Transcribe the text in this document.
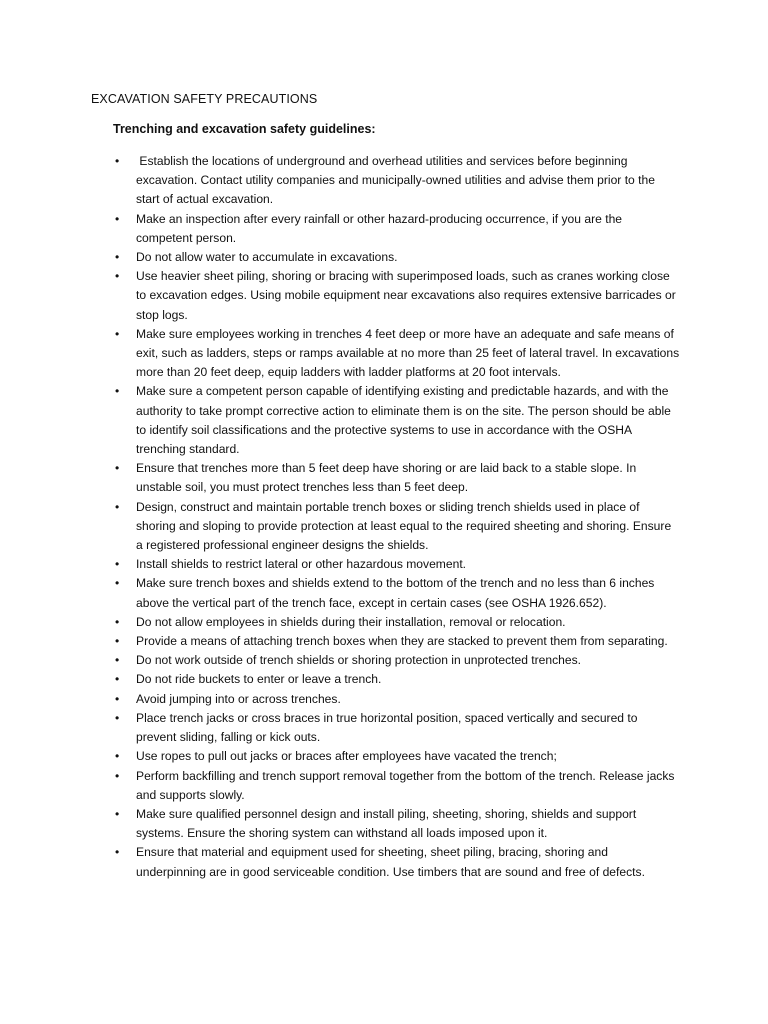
EXCAVATION SAFETY PRECAUTIONS
Trenching and excavation safety guidelines:
• Establish the locations of underground and overhead utilities and services before beginning excavation. Contact utility companies and municipally-owned utilities and advise them prior to the start of actual excavation.
• Make an inspection after every rainfall or other hazard-producing occurrence, if you are the competent person.
• Do not allow water to accumulate in excavations.
• Use heavier sheet piling, shoring or bracing with superimposed loads, such as cranes working close to excavation edges. Using mobile equipment near excavations also requires extensive barricades or stop logs.
• Make sure employees working in trenches 4 feet deep or more have an adequate and safe means of exit, such as ladders, steps or ramps available at no more than 25 feet of lateral travel. In excavations more than 20 feet deep, equip ladders with ladder platforms at 20 foot intervals.
• Make sure a competent person capable of identifying existing and predictable hazards, and with the authority to take prompt corrective action to eliminate them is on the site. The person should be able to identify soil classifications and the protective systems to use in accordance with the OSHA trenching standard.
• Ensure that trenches more than 5 feet deep have shoring or are laid back to a stable slope. In unstable soil, you must protect trenches less than 5 feet deep.
• Design, construct and maintain portable trench boxes or sliding trench shields used in place of shoring and sloping to provide protection at least equal to the required sheeting and shoring. Ensure a registered professional engineer designs the shields.
• Install shields to restrict lateral or other hazardous movement.
• Make sure trench boxes and shields extend to the bottom of the trench and no less than 6 inches above the vertical part of the trench face, except in certain cases (see OSHA 1926.652).
• Do not allow employees in shields during their installation, removal or relocation.
• Provide a means of attaching trench boxes when they are stacked to prevent them from separating.
• Do not work outside of trench shields or shoring protection in unprotected trenches.
• Do not ride buckets to enter or leave a trench.
• Avoid jumping into or across trenches.
• Place trench jacks or cross braces in true horizontal position, spaced vertically and secured to prevent sliding, falling or kick outs.
• Use ropes to pull out jacks or braces after employees have vacated the trench;
• Perform backfilling and trench support removal together from the bottom of the trench. Release jacks and supports slowly.
• Make sure qualified personnel design and install piling, sheeting, shoring, shields and support systems. Ensure the shoring system can withstand all loads imposed upon it.
• Ensure that material and equipment used for sheeting, sheet piling, bracing, shoring and underpinning are in good serviceable condition. Use timbers that are sound and free of defects.
